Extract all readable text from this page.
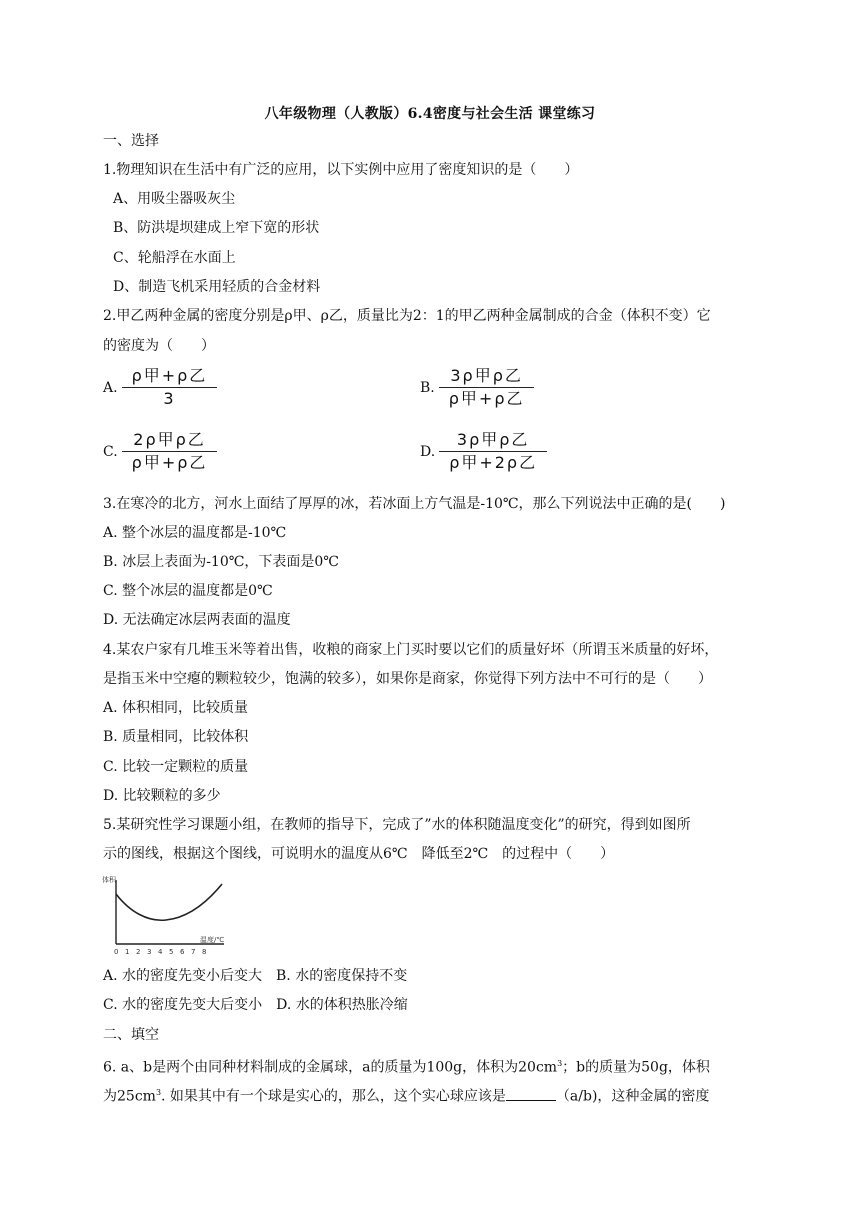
八年级物理（人教版）6.4密度与社会生活 课堂练习
一、选择
1.物理知识在生活中有广泛的应用，以下实例中应用了密度知识的是（　　）
A、用吸尘器吸灰尘
B、防洪堤坝建成上窄下宽的形状
C、轮船浮在水面上
D、制造飞机采用轻质的合金材料
2.甲乙两种金属的密度分别是ρ甲、ρ乙，质量比为2：1的甲乙两种金属制成的合金（体积不变）它
的密度为（　　）
A. $\frac{\text{ρ甲+ρ乙}}{3}$	B. $\frac{\text{3ρ甲ρ乙}}{\text{ρ甲+ρ乙}}$
C. $\frac{\text{2ρ甲ρ乙}}{\text{ρ甲+ρ乙}}$	D. $\frac{\text{3ρ甲ρ乙}}{\text{ρ甲+2ρ乙}}$
3.在寒冷的北方，河水上面结了厚厚的冰，若冰面上方气温是-10℃，那么下列说法中正确的是(　　)
A. 整个冰层的温度都是-10℃
B. 冰层上表面为-10℃，下表面是0℃
C. 整个冰层的温度都是0℃
D. 无法确定冰层两表面的温度
4.某农户家有几堆玉米等着出售，收粮的商家上门买时要以它们的质量好坏（所谓玉米质量的好坏，
是指玉米中空瘪的颗粒较少，饱满的较多），如果你是商家，你觉得下列方法中不可行的是（　　）
A. 体积相同，比较质量
B. 质量相同，比较体积
C. 比较一定颗粒的质量
D. 比较颗粒的多少
5.某研究性学习课题小组，在教师的指导下，完成了”水的体积随温度变化”的研究，得到如图所
示的图线，根据这个图线，可说明水的温度从6℃　降低至2℃　的过程中（　　）
体积
温度/℃
0 1 2 3 4 5 6 7 8
A. 水的密度先变小后变大　B. 水的密度保持不变
C. 水的密度先变大后变小　D. 水的体积热胀冷缩
二、填空
6. a、b是两个由同种材料制成的金属球，a的质量为100g，体积为$20cm^3$；b的质量为50g，体积
为$25cm^3$. 如果其中有一个球是实心的，那么，这个实心球应该是	（a/b)，这种金属的密度
